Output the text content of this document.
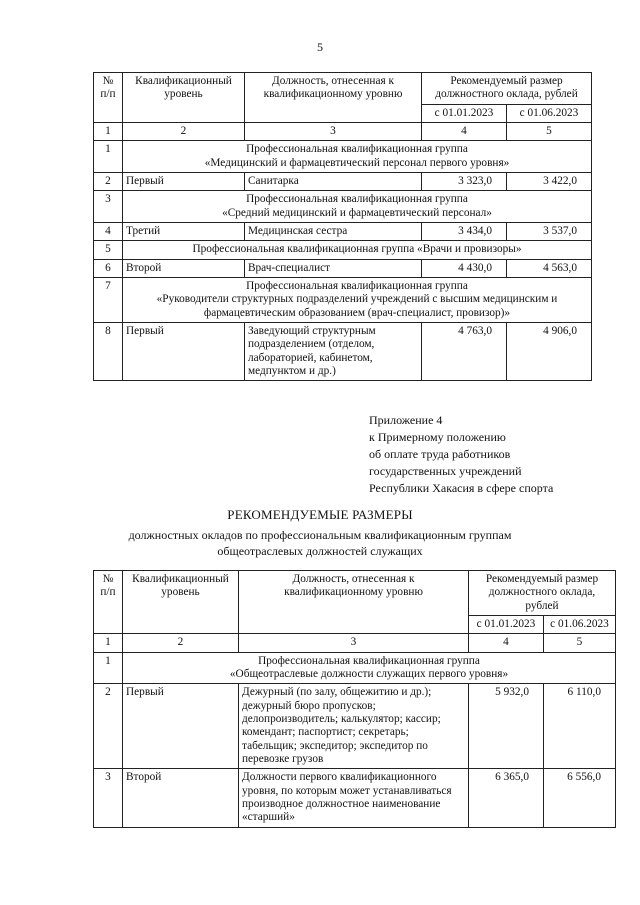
5
№ п/п	Квалификационный уровень	Должность, отнесенная к квалификационному уровню	Рекомендуемый размер должностного оклада, рублей	
			с 01.01.2023	с 01.06.2023
1	2	3	4	5
1	Профессиональная квалификационная группа
«Медицинский и фармацевтический персонал первого уровня»			

2	Первый	Санитарка	3 323,0	3 422,0
3	Профессиональная квалификационная группа
«Средний медицинский и фармацевтический персонал»			

4	Третий	Медицинская сестра	3 434,0	3 537,0
5	Профессиональная квалификационная группа «Врачи и провизоры»			

6	Второй	Врач-специалист	4 430,0	4 563,0
7	Профессиональная квалификационная группа
«Руководители структурных подразделений учреждений с высшим медицинским и фармацевтическим образованием (врач-специалист, провизор)»			

8	Первый	Заведующий структурным подразделением (отделом, лабораторией, кабинетом, медпунктом и др.)	4 763,0	4 906,0
Приложение 4
к Примерному положению
об оплате труда работников
государственных учреждений
Республики Хакасия в сфере спорта
РЕКОМЕНДУЕМЫЕ РАЗМЕРЫ
должностных окладов по профессиональным квалификационным группам
общеотраслевых должностей служащих
№ п/п	Квалификационный уровень	Должность, отнесенная к квалификационному уровню	Рекомендуемый размер должностного оклада, рублей	
			с 01.01.2023	с 01.06.2023
1	2	3	4	5
1	Профессиональная квалификационная группа
«Общеотраслевые должности служащих первого уровня»			

2	Первый	Дежурный (по залу, общежитию и др.); дежурный бюро пропусков; делопроизводитель; калькулятор; кассир; комендант; паспортист; секретарь; табельщик; экспедитор; экспедитор по перевозке грузов	5 932,0	6 110,0
3	Второй	Должности первого квалификационного уровня, по которым может устанавливаться производное должностное наименование «старший»	6 365,0	6 556,0
